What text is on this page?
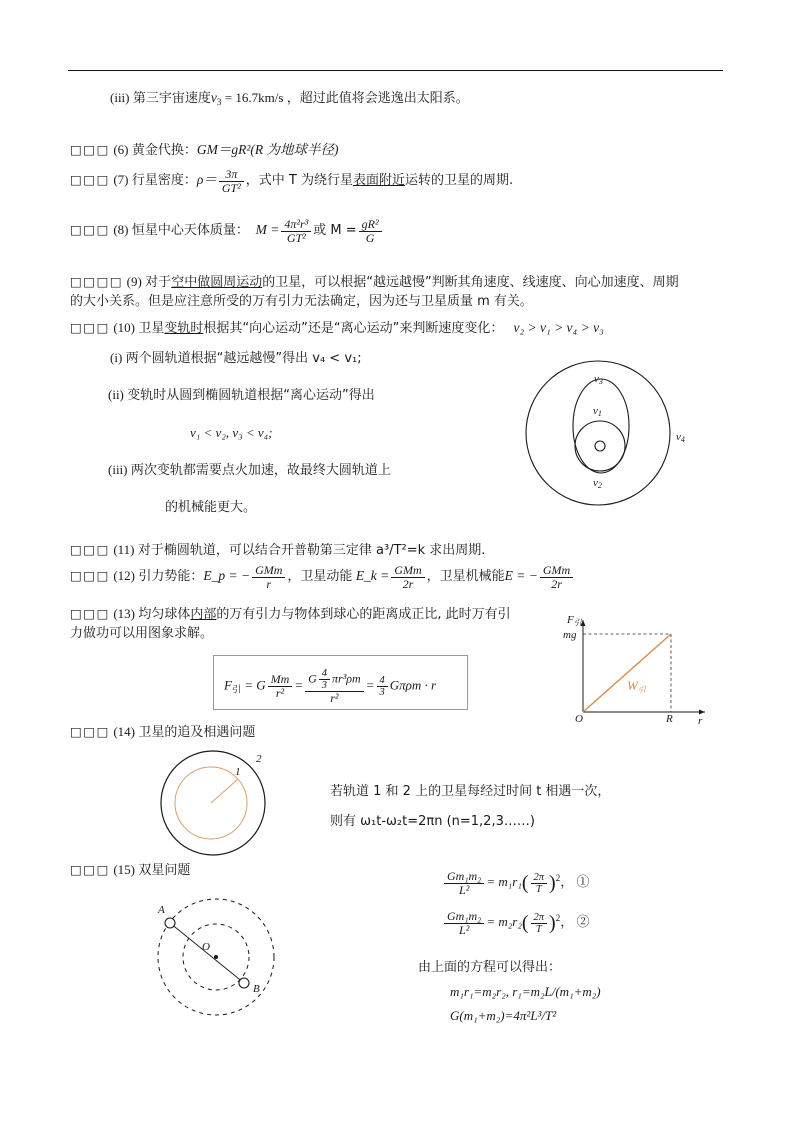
(iii) 第三宇宙速度$v_3 = 16.7km/s$ ，超过此值将会逃逸出太阳系。
□□□ (6) 黄金代换：GM＝gR²(R 为地球半径)
□□□ (7) 行星密度：$\rho= \frac{3\pi}{\text{GT²}}$ ，式中 T 为绕行星表面附近运转的卫星的周期.
□□□ (8) 恒星中心天体质量： $M = \frac{\text{4π²r³}}{\text{GT²}}$ 或 $M = \frac{\text{gR²}}{G}$
□□□□ (9) 对于空中做圆周运动的卫星，可以根据“越远越慢”判断其角速度、线速度、向心加速度、周期
的大小关系。但是应注意所受的万有引力无法确定，因为还与卫星质量 m 有关。
□□□ (10) 卫星变轨时根据其“向心运动”还是“离心运动”来判断速度变化： v₂ > v₁ > v₄ > v₃
(i) 两个圆轨道根据“越远越慢”得出 v₄ < v₁;
(ii) 变轨时从圆到椭圆轨道根据“离心运动”得出
v₁ < v₂, v₃ < v₄;
(iii) 两次变轨都需要点火加速，故最终大圆轨道上
的机械能更大。
v3
v1
v2
v4
□□□ (11) 对于椭圆轨道，可以结合开普勒第三定律 a³/T²=k 求出周期.
□□□ (12) 引力势能：E_p = − $\frac{\text{GMm}}{r}$ ，卫星动能 E_k = $\frac{\text{GMm}}{2r}$ ，卫星机械能E = − $\frac{\text{GMm}}{2r}$
□□□ (13) 均匀球体内部的万有引力与物体到球心的距离成正比, 此时万有引
力做功可以用图象求解。
$F_引 = G \frac{Mm}{\text{r²}} = \frac{G \frac{4}{3} \pi r^3\rho m}{\text{r²}} = \frac{4}{3}$ Gπρm · r
F引
mg
O	R r
W引
□□□ (14) 卫星的追及相遇问题
1
2
若轨道 1 和 2 上的卫星每经过时间 t 相遇一次，
则有 ω₁t-ω₂t=2πn (n=1,2,3……)
□□□ (15) 双星问题
A
B
O
$\frac{\text{Gm₁m₂}}{\text{L²}} = m_1r_1( \frac{2\pi}{T} )^2$， ①
$\frac{\text{Gm₁m₂}}{\text{L²}} = m_2r_2( \frac{2\pi}{T} )^2$， ②
由上面的方程可以得出：
m₁r₁=m₂r₂, r₁=m₂L/(m₁+m₂)
G(m₁+m₂)=4π²L³/T²
